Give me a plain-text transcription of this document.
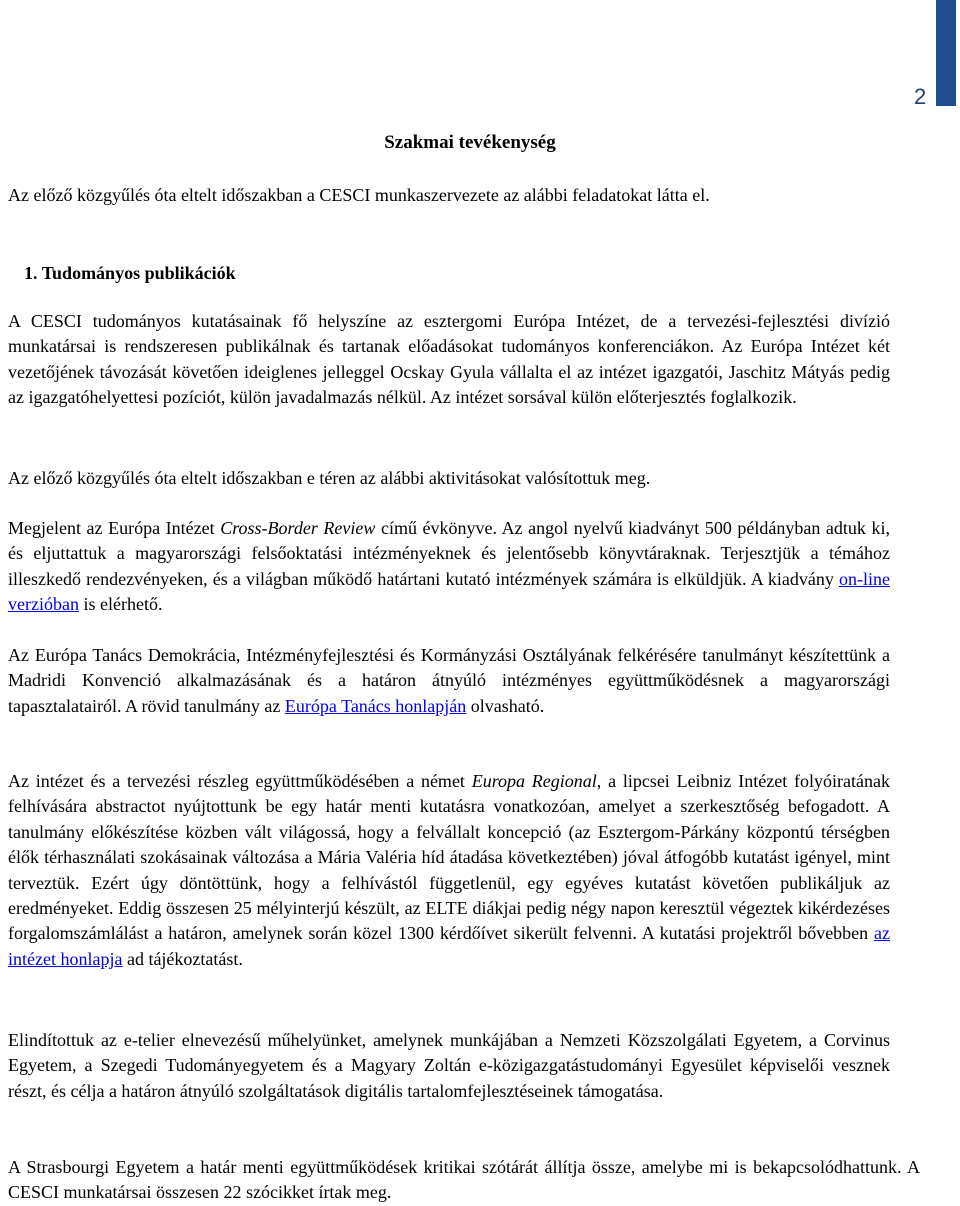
2
Szakmai tevékenység
Az előző közgyűlés óta eltelt időszakban a CESCI munkaszervezete az alábbi feladatokat látta el.
1. Tudományos publikációk

A CESCI tudományos kutatásainak fő helyszíne az esztergomi Európa Intézet, de a tervezési-fejlesztési divízió munkatársai is rendszeresen publikálnak és tartanak előadásokat tudományos konferenciákon. Az Európa Intézet két vezetőjének távozását követően ideiglenes jelleggel Ocskay Gyula vállalta el az intézet igazgatói, Jaschitz Mátyás pedig az igazgatóhelyettesi pozíciót, külön javadalmazás nélkül. Az intézet sorsával külön előterjesztés foglalkozik.

Az előző közgyűlés óta eltelt időszakban e téren az alábbi aktivitásokat valósítottuk meg.

Megjelent az Európa Intézet Cross-Border Review című évkönyve. Az angol nyelvű kiadványt 500 példányban adtuk ki, és eljuttattuk a magyarországi felsőoktatási intézményeknek és jelentősebb könyvtáraknak. Terjesztjük a témához illeszkedő rendezvényeken, és a világban működő határtani kutató intézmények számára is elküldjük. A kiadvány on-line verzióban is elérhető.

Az Európa Tanács Demokrácia, Intézményfejlesztési és Kormányzási Osztályának felkérésére tanulmányt készítettünk a Madridi Konvenció alkalmazásának és a határon átnyúló intézményes együttműködésnek a magyarországi tapasztalatairól. A rövid tanulmány az Európa Tanács honlapján olvasható.

Az intézet és a tervezési részleg együttműködésében a német Europa Regional, a lipcsei Leibniz Intézet folyóiratának felhívására abstractot nyújtottunk be egy határ menti kutatásra vonatkozóan, amelyet a szerkesztőség befogadott. A tanulmány előkészítése közben vált világossá, hogy a felvállalt koncepció (az Esztergom-Párkány központú térségben élők térhasználati szokásainak változása a Mária Valéria híd átadása következtében) jóval átfogóbb kutatást igényel, mint terveztük. Ezért úgy döntöttünk, hogy a felhívástól függetlenül, egy egyéves kutatást követően publikáljuk az eredményeket. Eddig összesen 25 mélyinterjú készült, az ELTE diákjai pedig négy napon keresztül végeztek kikérdezéses forgalomszámlálást a határon, amelynek során közel 1300 kérdőívet sikerült felvenni. A kutatási projektről bővebben az intézet honlapja ad tájékoztatást.

Elindítottuk az e-telier elnevezésű műhelyünket, amelynek munkájában a Nemzeti Közszolgálati Egyetem, a Corvinus Egyetem, a Szegedi Tudományegyetem és a Magyary Zoltán e-közigazgatástudományi Egyesület képviselői vesznek részt, és célja a határon átnyúló szolgáltatások digitális tartalomfejlesztéseinek támogatása.

A Strasbourgi Egyetem a határ menti együttműködések kritikai szótárát állítja össze, amelybe mi is bekapcsolódhattunk. A CESCI munkatársai összesen 22 szócikket írtak meg.
